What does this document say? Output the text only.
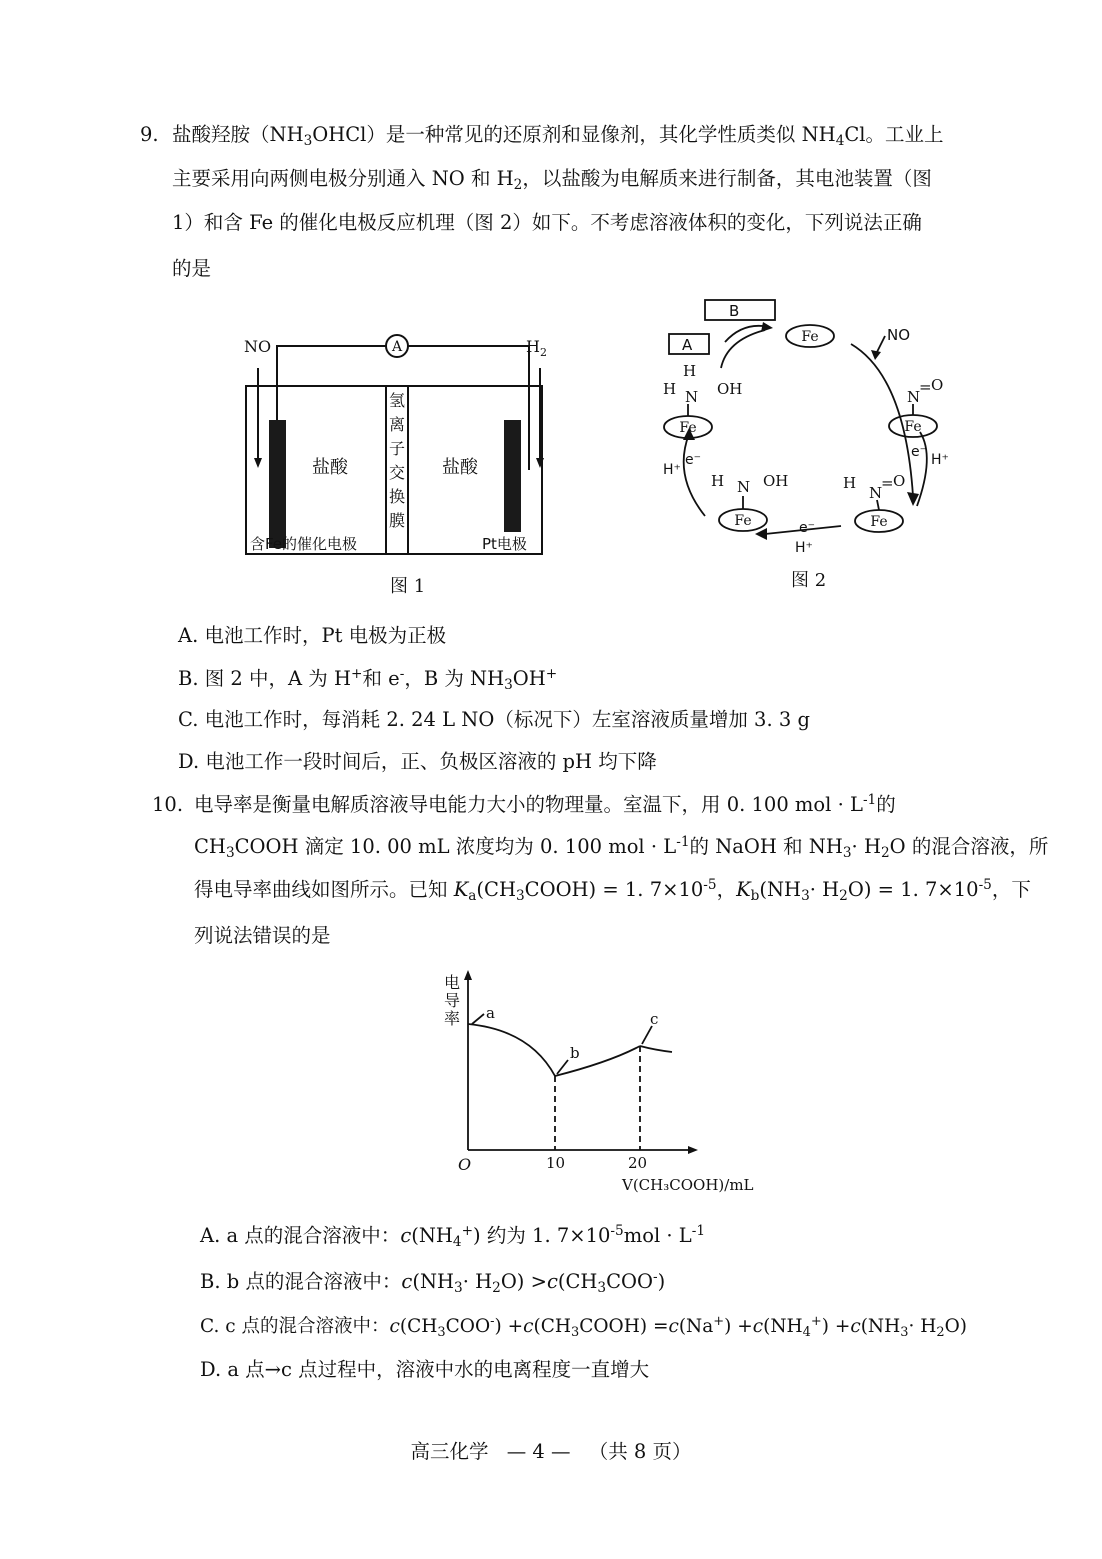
9. 盐酸羟胺$(NH_3OHCl)$是一种常见的还原剂和显像剂，其化学性质类似 $NH_4Cl$。工业上
主要采用向两侧电极分别通入 NO 和 $H_2$，以盐酸为电解质来进行制备，其电池装置（图
1）和含 Fe 的催化电极反应机理（图 2）如下。不考虑溶液体积的变化，下列说法正确
的是
NO	$H_2$
A
盐酸	盐酸
氢
离
子
交
换
膜
含Fe的催化电极	Pt电极
图 1
B
A	Fe
Fe	Fe
Fe
Fe
NO
H
H N OH	N
= O
H
N
= O
H N OH
H⁺
e⁻	e⁻ H⁺
e⁻
H⁺
图 2
A. 电池工作时，Pt 电极为正极
B. 图 2 中，A 为 H+和 e-，B 为 $NH_3OH^+$
C. 电池工作时，每消耗 2. 24 L NO（标况下）左室溶液质量增加 3. 3 g
D. 电池工作一段时间后，正、负极区溶液的 pH 均下降
10. 电导率是衡量电解质溶液导电能力大小的物理量。室温下，用 0. 100 mol · $L^{-1}$的
$CH_3COOH$ 滴定 10. 00 mL 浓度均为 0. 100 mol · $L^{-1}$的 NaOH 和 $NH_3\cdot H_2O$ 的混合溶液，所
得电导率曲线如图所示。已知 $K_a(CH_3COOH) = 1$. $7\times 10^{-5}$，$K_b(NH_3\cdot H_2O) = 1$. $7\times 10^{-5}$，下
列说法错误的是
电
导
率 a
b
c
O	10	20
V(CH₃COOH)/mL
A. a 点的混合溶液中：$c(NH_4^+)$ 约为 1. $7\times 10^{-5}mol \cdot L^{-1}$
B. b 点的混合溶液中：$c(NH_3\cdot H_2O) >c(CH_3COO^-)$
C. c 点的混合溶液中：$c(CH_3COO^-)$ $+c(CH_3COOH) =c(Na^+) +c(NH_4^+) +c(NH_3\cdot H_2O)$
D. a 点→c 点过程中，溶液中水的电离程度一直增大
高三化学 — 4 — （共 8 页）
